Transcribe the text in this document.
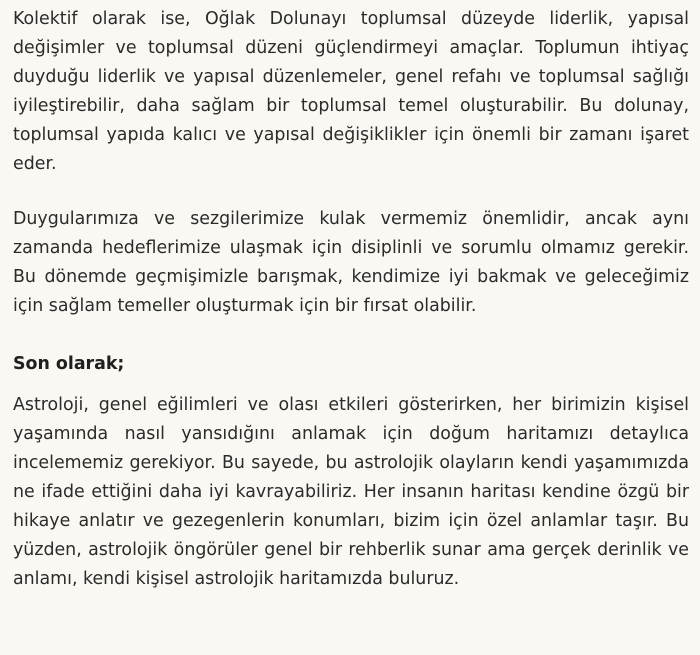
Kolektif olarak ise, Oğlak Dolunayı toplumsal düzeyde liderlik, yapısal değişimler ve toplumsal düzeni güçlendirmeyi amaçlar. Toplumun ihtiyaç duyduğu liderlik ve yapısal düzenlemeler, genel refahı ve toplumsal sağlığı iyileştirebilir, daha sağlam bir toplumsal temel oluşturabilir. Bu dolunay, toplumsal yapıda kalıcı ve yapısal değişiklikler için önemli bir zamanı işaret eder.

Duygularımıza ve sezgilerimize kulak vermemiz önemlidir, ancak aynı zamanda hedeflerimize ulaşmak için disiplinli ve sorumlu olmamız gerekir. Bu dönemde geçmişimizle barışmak, kendimize iyi bakmak ve geleceğimiz için sağlam temeller oluşturmak için bir fırsat olabilir.

Son olarak;

Astroloji, genel eğilimleri ve olası etkileri gösterirken, her birimizin kişisel yaşamında nasıl yansıdığını anlamak için doğum haritamızı detaylıca incelememiz gerekiyor. Bu sayede, bu astrolojik olayların kendi yaşamımızda ne ifade ettiğini daha iyi kavrayabiliriz. Her insanın haritası kendine özgü bir hikaye anlatır ve gezegenlerin konumları, bizim için özel anlamlar taşır. Bu yüzden, astrolojik öngörüler genel bir rehberlik sunar ama gerçek derinlik ve anlamı, kendi kişisel astrolojik haritamızda buluruz.
